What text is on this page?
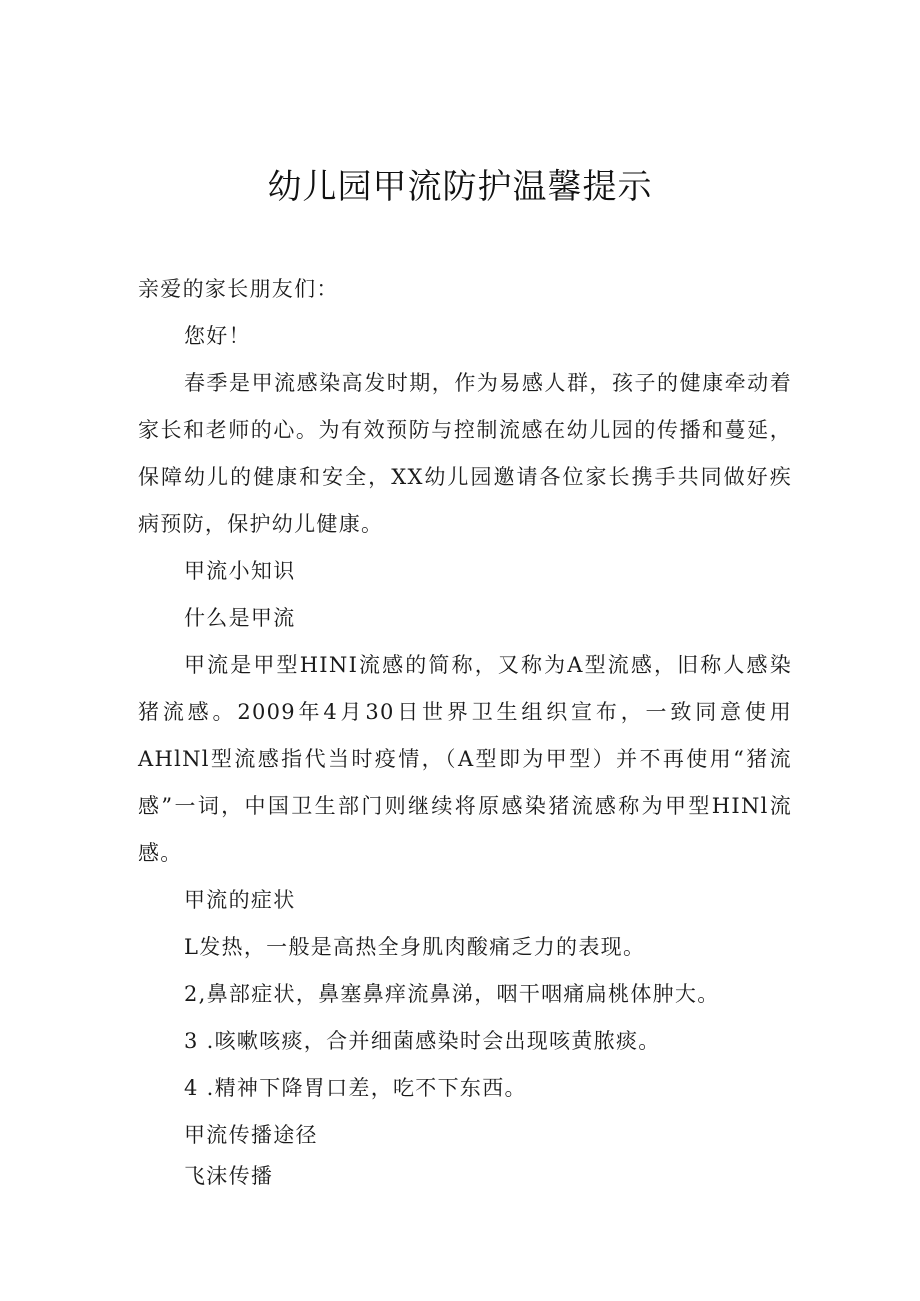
幼儿园甲流防护温馨提示

亲爱的家长朋友们：

您好！

春季是甲流感染高发时期，作为易感人群，孩子的健康牵动着家长和老师的心。为有效预防与控制流感在幼儿园的传播和蔓延，保障幼儿的健康和安全，XX幼儿园邀请各位家长携手共同做好疾病预防，保护幼儿健康。

甲流小知识

什么是甲流

甲流是甲型HINI流感的简称，又称为A型流感，旧称人感染猪流感。2009年4月30日世界卫生组织宣布，一致同意使用AHlNl型流感指代当时疫情，（A型即为甲型）并不再使用“猪流感”一词，中国卫生部门则继续将原感染猪流感称为甲型HINl流感。

甲流的症状

L发热，一般是高热全身肌肉酸痛乏力的表现。

2,鼻部症状，鼻塞鼻痒流鼻涕，咽干咽痛扁桃体肿大。

3 .咳嗽咳痰，合并细菌感染时会出现咳黄脓痰。

4 .精神下降胃口差，吃不下东西。

甲流传播途径

飞沫传播
